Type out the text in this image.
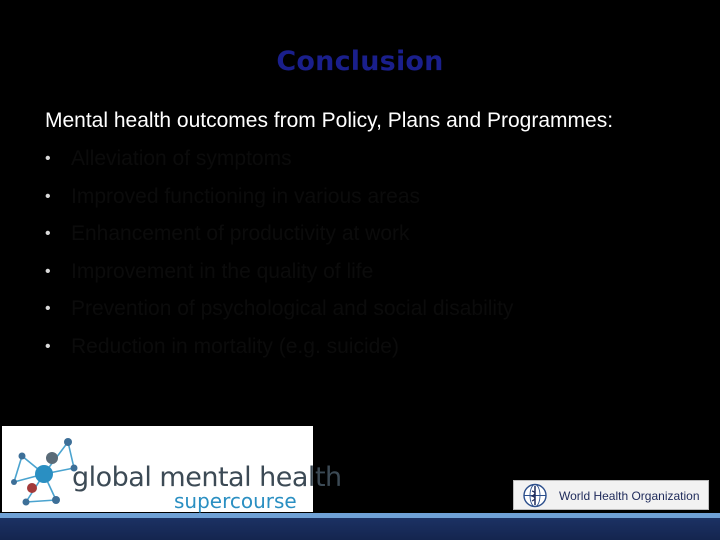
Conclusion
Mental health outcomes from Policy, Plans and Programmes:
• Alleviation of symptoms
• Improved functioning in various areas
• Enhancement of productivity at work
• Improvement in the quality of life
• Prevention of psychological and social disability
• Reduction in mortality (e.g. suicide)
global mental health
supercourse	World Health Organization
